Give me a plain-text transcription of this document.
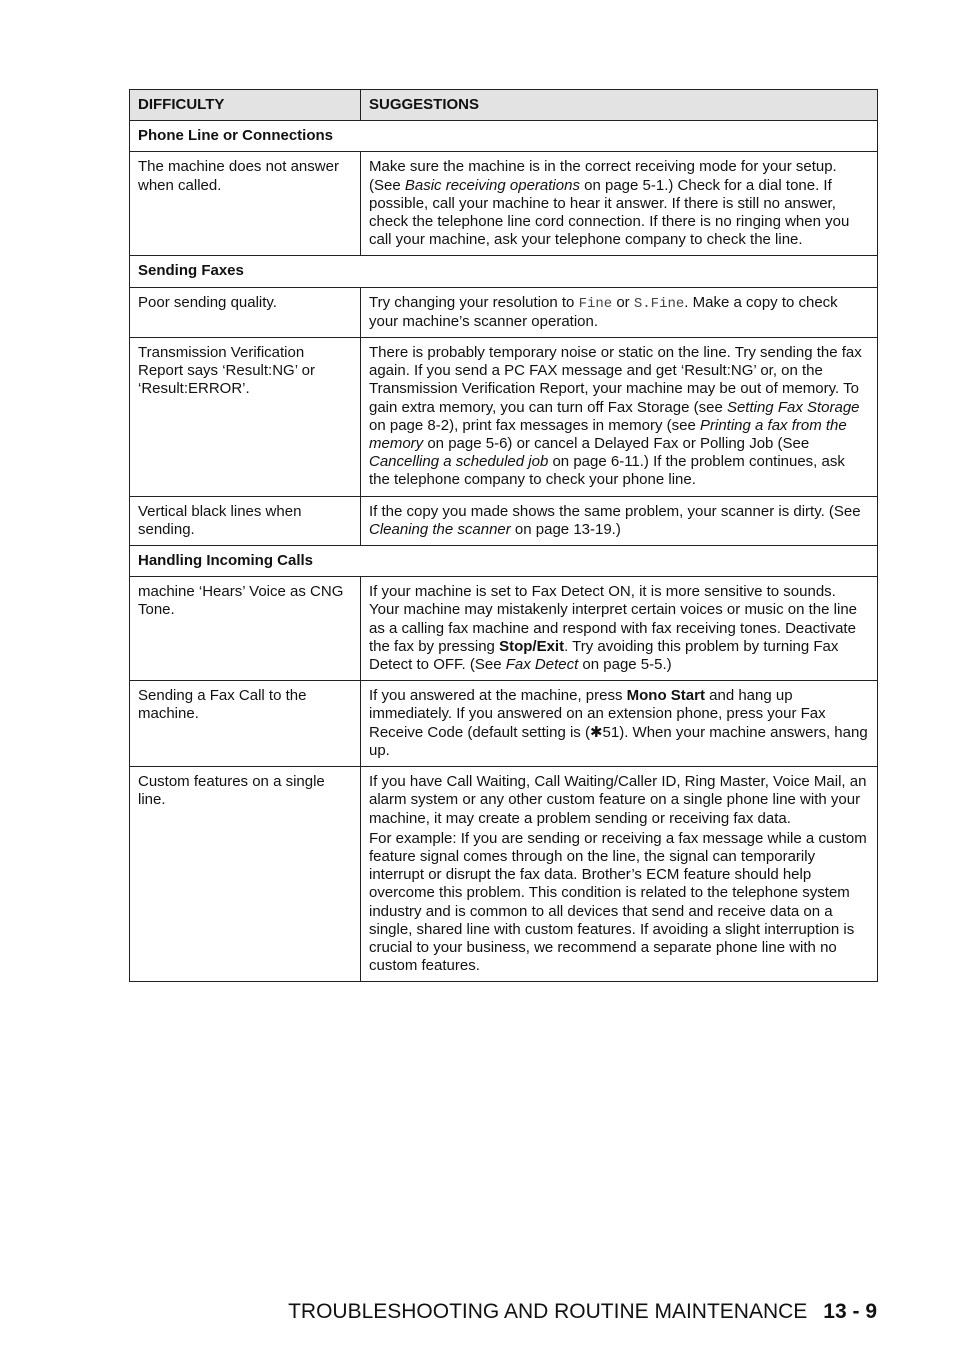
DIFFICULTY	SUGGESTIONS
Phone Line or Connections	
The machine does not answer when called.	Make sure the machine is in the correct receiving mode for your setup. (See Basic receiving operations on page 5-1.) Check for a dial tone. If possible, call your machine to hear it answer. If there is still no answer, check the telephone line cord connection. If there is no ringing when you call your machine, ask your telephone company to check the line.
Sending Faxes	
Poor sending quality.	Try changing your resolution to Fine or S.Fine. Make a copy to check your machine’s scanner operation.
Transmission Verification Report says ‘Result:NG’ or ‘Result:ERROR’.	There is probably temporary noise or static on the line. Try sending the fax again. If you send a PC FAX message and get ‘Result:NG’ or, on the Transmission Verification Report, your machine may be out of memory. To gain extra memory, you can turn off Fax Storage (see Setting Fax Storage on page 8-2), print fax messages in memory (see Printing a fax from the memory on page 5-6) or cancel a Delayed Fax or Polling Job (See Cancelling a scheduled job on page 6-11.) If the problem continues, ask the telephone company to check your phone line.
Vertical black lines when sending.	If the copy you made shows the same problem, your scanner is dirty. (See Cleaning the scanner on page 13-19.)
Handling Incoming Calls	
machine ‘Hears’ Voice as CNG Tone.	If your machine is set to Fax Detect ON, it is more sensitive to sounds. Your machine may mistakenly interpret certain voices or music on the line as a calling fax machine and respond with fax receiving tones. Deactivate the fax by pressing Stop/Exit. Try avoiding this problem by turning Fax Detect to OFF. (See Fax Detect on page 5-5.)
Sending a Fax Call to the machine.	If you answered at the machine, press Mono Start and hang up immediately. If you answered on an extension phone, press your Fax Receive Code (default setting is (✱51). When your machine answers, hang up.
Custom features on a single line.	If you have Call Waiting, Call Waiting/Caller ID, Ring Master, Voice Mail, an alarm system or any other custom feature on a single phone line with your machine, it may create a problem sending or receiving fax data.

For example: If you are sending or receiving a fax message while a custom feature signal comes through on the line, the signal can temporarily interrupt or disrupt the fax data. Brother’s ECM feature should help overcome this problem. This condition is related to the telephone system industry and is common to all devices that send and receive data on a single, shared line with custom features. If avoiding a slight interruption is crucial to your business, we recommend a separate phone line with no custom features.

TROUBLESHOOTING AND ROUTINE MAINTENANCE 13 - 9
